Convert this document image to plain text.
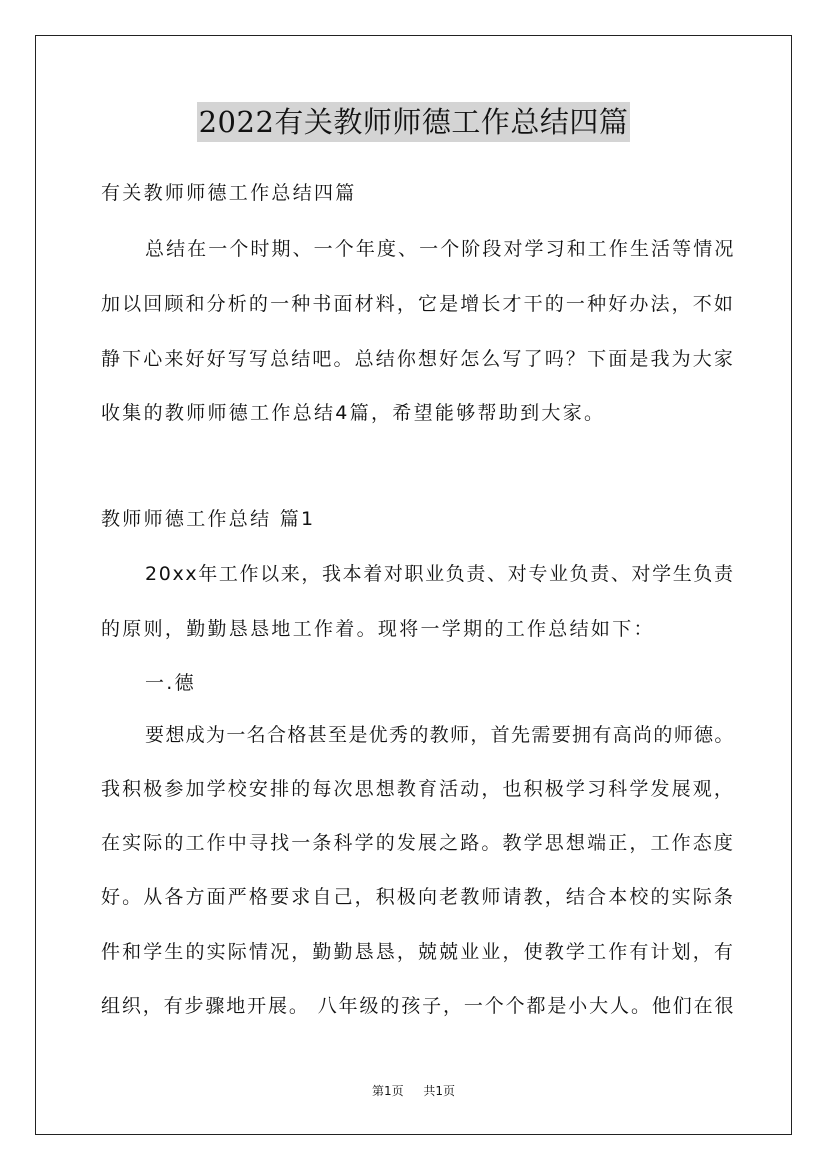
2022有关教师师德工作总结四篇
有关教师师德工作总结四篇
总结在一个时期、一个年度、一个阶段对学习和工作生活等情况
加以回顾和分析的一种书面材料，它是增长才干的一种好办法，不如
静下心来好好写写总结吧。总结你想好怎么写了吗？下面是我为大家
收集的教师师德工作总结4篇，希望能够帮助到大家。
教师师德工作总结 篇1
20xx年工作以来，我本着对职业负责、对专业负责、对学生负责
的原则，勤勤恳恳地工作着。现将一学期的工作总结如下：
一.德
要想成为一名合格甚至是优秀的教师，首先需要拥有高尚的师德。
我积极参加学校安排的每次思想教育活动，也积极学习科学发展观，
在实际的工作中寻找一条科学的发展之路。教学思想端正，工作态度
好。从各方面严格要求自己，积极向老教师请教，结合本校的实际条
件和学生的实际情况，勤勤恳恳，兢兢业业，使教学工作有计划，有
组织，有步骤地开展。 八年级的孩子，一个个都是小大人。他们在很
第1页 共1页
